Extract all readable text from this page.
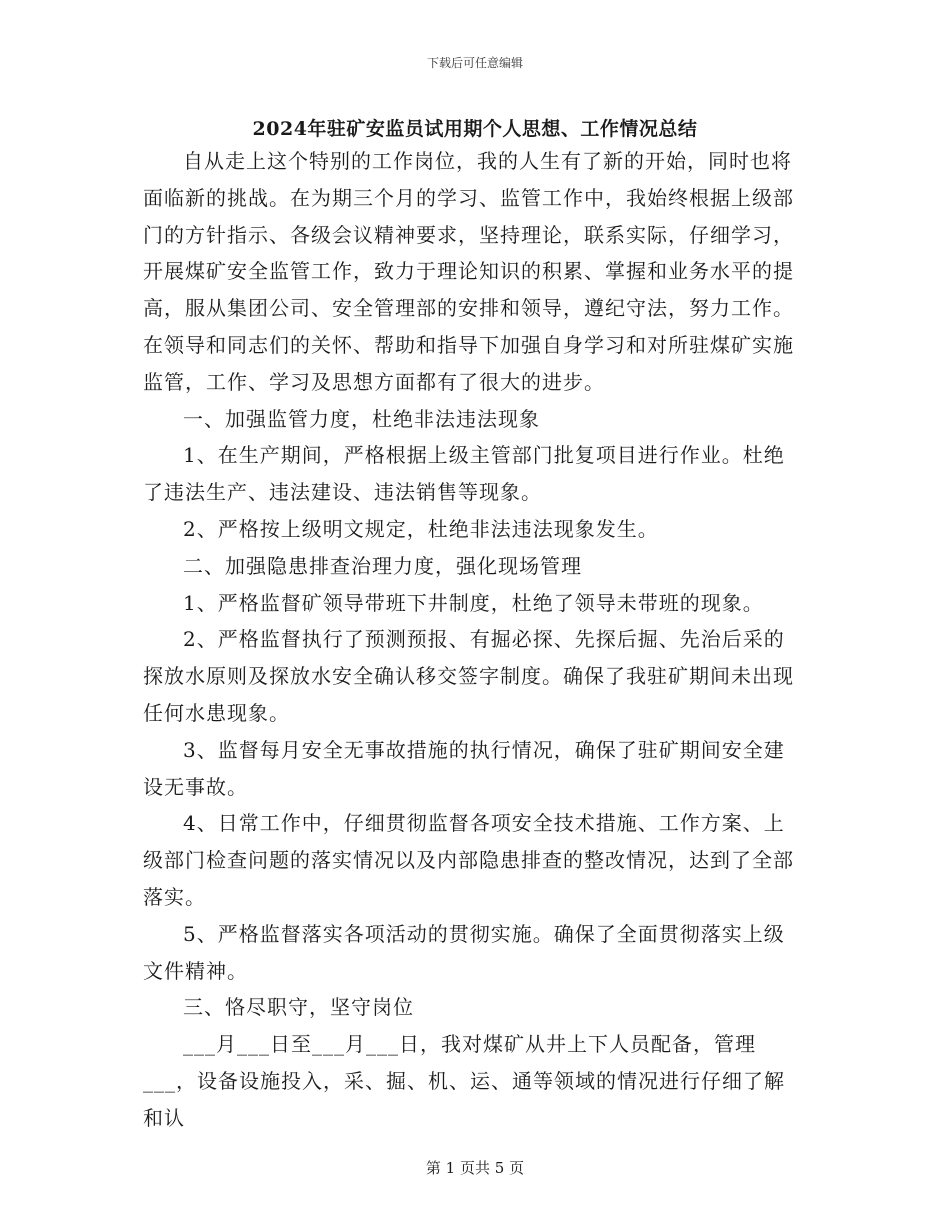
下载后可任意编辑
2024年驻矿安监员试用期个人思想、工作情况总结

自从走上这个特别的工作岗位，我的人生有了新的开始，同时也将面临新的挑战。在为期三个月的学习、监管工作中，我始终根据上级部门的方针指示、各级会议精神要求，坚持理论，联系实际，仔细学习，开展煤矿安全监管工作，致力于理论知识的积累、掌握和业务水平的提高，服从集团公司、安全管理部的安排和领导，遵纪守法，努力工作。在领导和同志们的关怀、帮助和指导下加强自身学习和对所驻煤矿实施监管，工作、学习及思想方面都有了很大的进步。

一、加强监管力度，杜绝非法违法现象

1、在生产期间，严格根据上级主管部门批复项目进行作业。杜绝了违法生产、违法建设、违法销售等现象。

2、严格按上级明文规定，杜绝非法违法现象发生。

二、加强隐患排查治理力度，强化现场管理

1、严格监督矿领导带班下井制度，杜绝了领导未带班的现象。

2、严格监督执行了预测预报、有掘必探、先探后掘、先治后采的探放水原则及探放水安全确认移交签字制度。确保了我驻矿期间未出现任何水患现象。

3、监督每月安全无事故措施的执行情况，确保了驻矿期间安全建设无事故。

4、日常工作中，仔细贯彻监督各项安全技术措施、工作方案、上级部门检查问题的落实情况以及内部隐患排查的整改情况，达到了全部落实。

5、严格监督落实各项活动的贯彻实施。确保了全面贯彻落实上级文件精神。

三、恪尽职守，坚守岗位

___月___日至___月___日，我对煤矿从井上下人员配备，管理___，设备设施投入，采、掘、机、运、通等领域的情况进行仔细了解和认

第 1 页共 5 页
